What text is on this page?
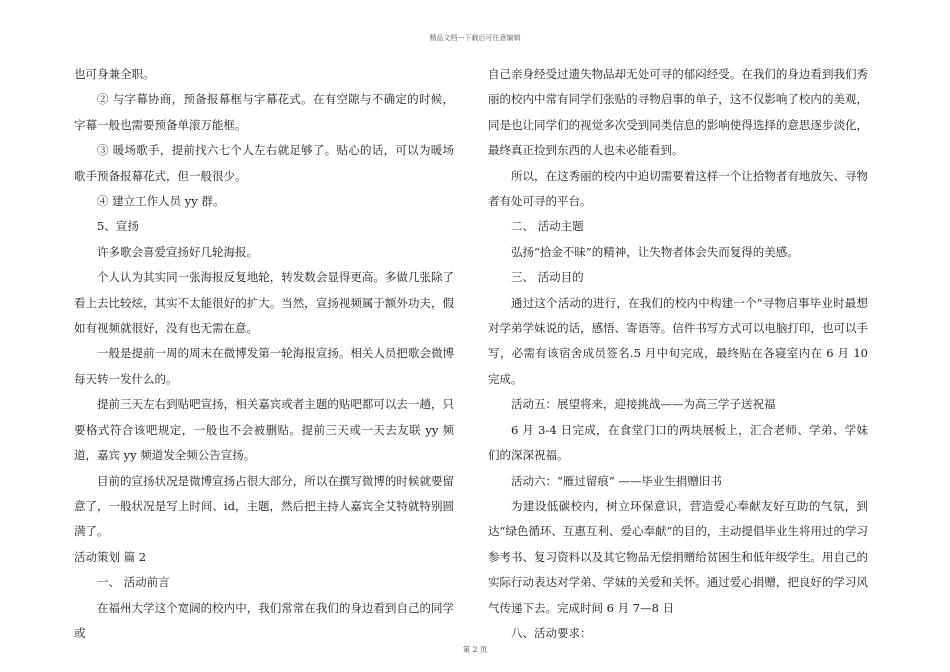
精品文档---下载后可任意编辑

也可身兼全职。

② 与字幕协商，预备报幕框与字幕花式。在有空隙与不确定的时候，字幕一般也需要预备单滚万能框。

③ 暖场歌手，提前找六七个人左右就足够了。贴心的话，可以为暖场歌手预备报幕花式，但一般很少。

④ 建立工作人员 yy 群。

5、宣扬

许多歌会喜爱宣扬好几轮海报。

个人认为其实同一张海报反复地轮，转发数会显得更高。多做几张除了看上去比较炫，其实不太能很好的扩大。当然，宣扬视频属于额外功夫，假如有视频就很好，没有也无需在意。

一般是提前一周的周末在微博发第一轮海报宣扬。相关人员把歌会微博每天转一发什么的。

提前三天左右到贴吧宣扬，相关嘉宾或者主题的贴吧都可以去一趟，只要格式符合该吧规定，一般也不会被删贴。提前三天或一天去友联 yy 频道，嘉宾 yy 频道发全频公告宣扬。

目前的宣扬状况是微博宣扬占很大部分，所以在撰写微博的时候就要留意了，一般状况是写上时间、id，主题，然后把主持人嘉宾全艾特就特别圆满了。

活动策划 篇 2

一、 活动前言

在福州大学这个宽阔的校内中，我们常常在我们的身边看到自己的同学或

自己亲身经受过遗失物品却无处可寻的郁闷经受。在我们的身边看到我们秀丽的校内中常有同学们张贴的寻物启事的单子，这不仅影响了校内的美观，同是也让同学们的视觉多次受到同类信息的影响使得选择的意思逐步淡化，最终真正捡到东西的人也未必能看到。

所以，在这秀丽的校内中迫切需要着这样一个让拾物者有地放矢、寻物者有处可寻的平台。

二、 活动主题

弘扬“拾金不昧”的精神，让失物者体会失而复得的美感。

三、 活动目的

通过这个活动的进行，在我们的校内中构建一个“寻物启事毕业时最想对学弟学妹说的话，感悟、寄语等。信件书写方式可以电脑打印，也可以手写，必需有该宿舍成员签名.5 月中旬完成，最终贴在各寝室内在 6 月 10 完成。

活动五：展望将来，迎接挑战——为高三学子送祝福

6 月 3-4 日完成，在食堂门口的两块展板上，汇合老师、学弟、学妹们的深深祝福。

活动六：“雁过留痕” ——毕业生捐赠旧书

为建设低碳校内，树立环保意识，营造爱心奉献友好互助的气氛，到达“绿色循环、互惠互利、爱心奉献”的目的，主动提倡毕业生将用过的学习参考书、复习资料以及其它物品无偿捐赠给贫困生和低年级学生。用自己的实际行动表达对学弟、学妹的关爱和关怀。通过爱心捐赠，把良好的学习风气传递下去。完成时间 6 月 7—8 日

八、活动要求：

第 2 页
